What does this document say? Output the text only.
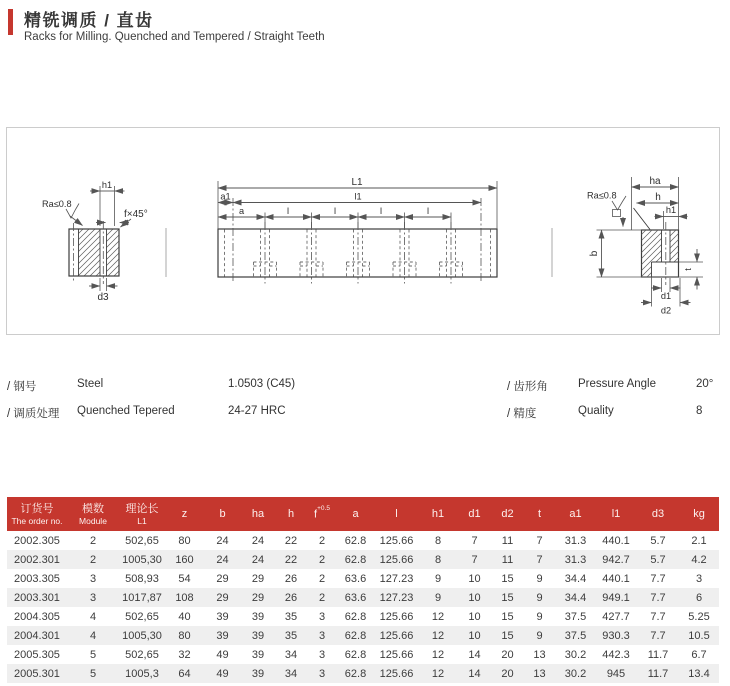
精铣调质 / 直齿
Racks for Milling. Quenched and Tempered / Straight Teeth
h1
f×45°
Ra≤0.8
d3
L1
a1	l1
a	l	l	l	l
ha
h
h1
Ra≤0.8
b
t
d1
d2
/ 钢号	Steel	1.0503 (C45)
/ 调质处理 Quenched Tepered	24-27 HRC
/ 齿形角	Pressure Angle	20°
/ 精度	Quality	8
订货号
The order no.

模数
Module

理论长
L1
	z	b	ha	h	$f^{+0.5}$	a	l	h1	d1	d2	t	a1	l1	d3	kg
2002.305	2	502,65	80	24	24	22	2	62.8	125.66	8	7	11	7	31.3	440.1	5.7	2.1
2002.301	2	1005,30	160	24	24	22	2	62.8	125.66	8	7	11	7	31.3	942.7	5.7	4.2
2003.305	3	508,93	54	29	29	26	2	63.6	127.23	9	10	15	9	34.4	440.1	7.7	3
2003.301	3	1017,87	108	29	29	26	2	63.6	127.23	9	10	15	9	34.4	949.1	7.7	6
2004.305	4	502,65	40	39	39	35	3	62.8	125.66	12	10	15	9	37.5	427.7	7.7	5.25
2004.301	4	1005,30	80	39	39	35	3	62.8	125.66	12	10	15	9	37.5	930.3	7.7	10.5
2005.305	5	502,65	32	49	39	34	3	62.8	125.66	12	14	20	13	30.2	442.3	11.7	6.7
2005.301	5	1005,3	64	49	39	34	3	62.8	125.66	12	14	20	13	30.2	945	11.7	13.4
